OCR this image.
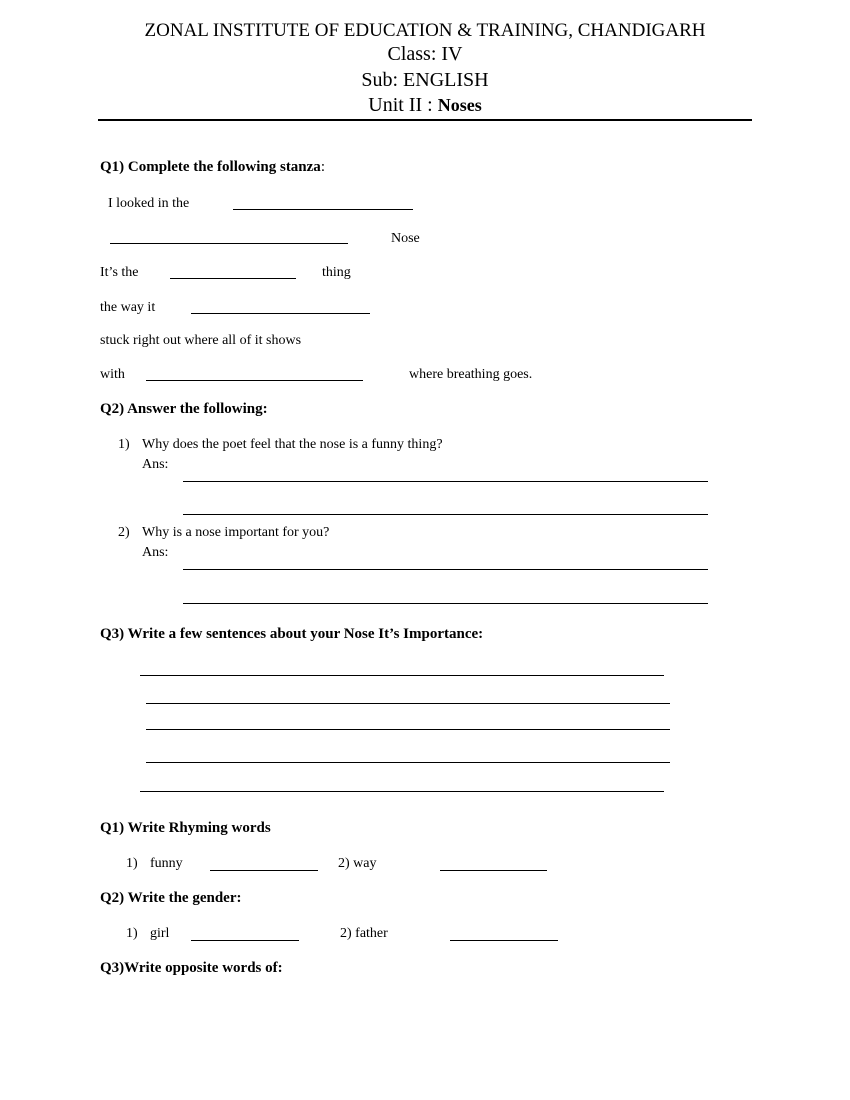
ZONAL INSTITUTE OF EDUCATION & TRAINING, CHANDIGARH
Class: IV
Sub: ENGLISH
Unit II : Noses
Q1) Complete the following stanza:
I looked in the
Nose
It’s the	thing
the way it
stuck right out where all of it shows
with	where breathing goes.
Q2) Answer the following:
1) Why does the poet feel that the nose is a funny thing?
Ans:
2) Why is a nose important for you?
Ans:
Q3) Write a few sentences about your Nose It’s Importance:
Q1) Write Rhyming words
1) funny	2) way
Q2) Write the gender:
1) girl	2) father
Q3)Write opposite words of:
